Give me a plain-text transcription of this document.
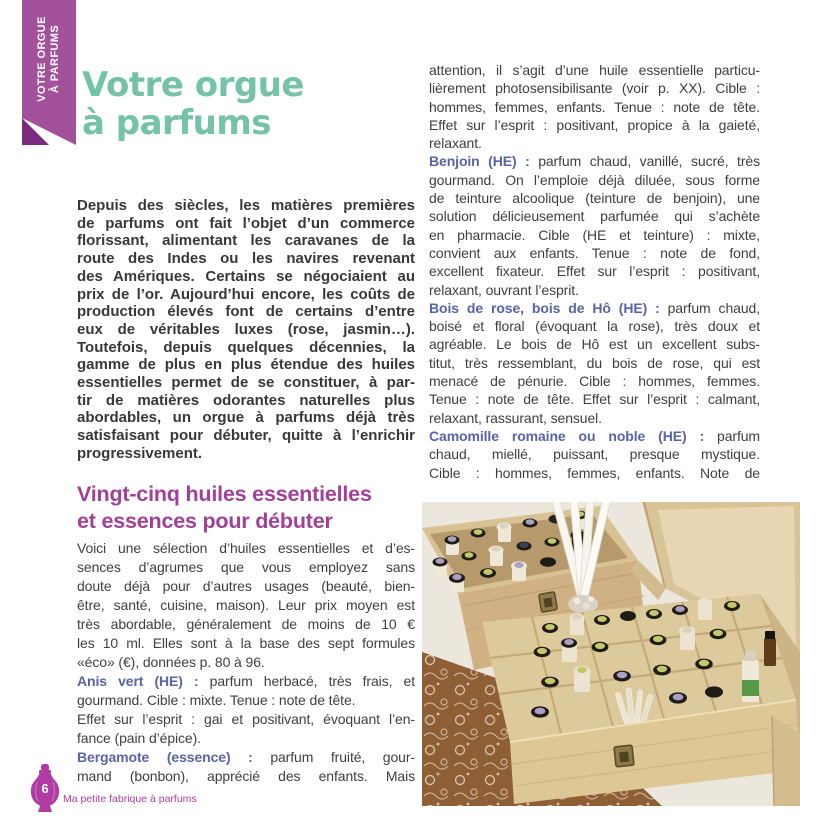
VOTRE ORGUE À PARFUMS Votre orgue
à parfums
Depuis des siècles, les matières premières
de parfums ont fait l’objet d’un commerce
florissant, alimentant les caravanes de la
route des Indes ou les navires revenant
des Amériques. Certains se négociaient au
prix de l’or. Aujourd’hui encore, les coûts de
production élevés font de certains d’entre
eux de véritables luxes (rose, jasmin…).
Toutefois, depuis quelques décennies, la
gamme de plus en plus étendue des huiles
essentielles permet de se constituer, à par-
tir de matières odorantes naturelles plus
abordables, un orgue à parfums déjà très
satisfaisant pour débuter, quitte à l’enrichir
progressivement.
Vingt-cinq huiles essentielles
et essences pour débuter
Voici une sélection d’huiles essentielles et d’es-
sences d’agrumes que vous employez sans
doute déjà pour d’autres usages (beauté, bien-
être, santé, cuisine, maison). Leur prix moyen est
très abordable, généralement de moins de 10 €
les 10 ml. Elles sont à la base des sept formules
«éco» (€), données p. 80 à 96.
Anis vert (HE) : parfum herbacé, très frais, et
gourmand. Cible : mixte. Tenue : note de tête.
Effet sur l’esprit : gai et positivant, évoquant l’en-
fance (pain d’épice).
Bergamote (essence) : parfum fruité, gour-
mand (bonbon), apprécié des enfants. Mais
attention, il s’agit d’une huile essentielle particu-
lièrement photosensibilisante (voir p. XX). Cible :
hommes, femmes, enfants. Tenue : note de tête.
Effet sur l’esprit : positivant, propice à la gaieté,
relaxant.
Benjoin (HE) : parfum chaud, vanillé, sucré, très
gourmand. On l’emploie déjà diluée, sous forme
de teinture alcoolique (teinture de benjoin), une
solution délicieusement parfumée qui s’achète
en pharmacie. Cible (HE et teinture) : mixte,
convient aux enfants. Tenue : note de fond,
excellent fixateur. Effet sur l’esprit : positivant,
relaxant, ouvrant l’esprit.
Bois de rose, bois de Hô (HE) : parfum chaud,
boisé et floral (évoquant la rose), très doux et
agréable. Le bois de Hô est un excellent subs-
titut, très ressemblant, du bois de rose, qui est
menacé de pénurie. Cible : hommes, femmes.
Tenue : note de tête. Effet sur l’esprit : calmant,
relaxant, rassurant, sensuel.
Camomille romaine ou noble (HE) : parfum
chaud, miellé, puissant, presque mystique.
Cible : hommes, femmes, enfants. Note de
6
Ma petite fabrique à parfums
